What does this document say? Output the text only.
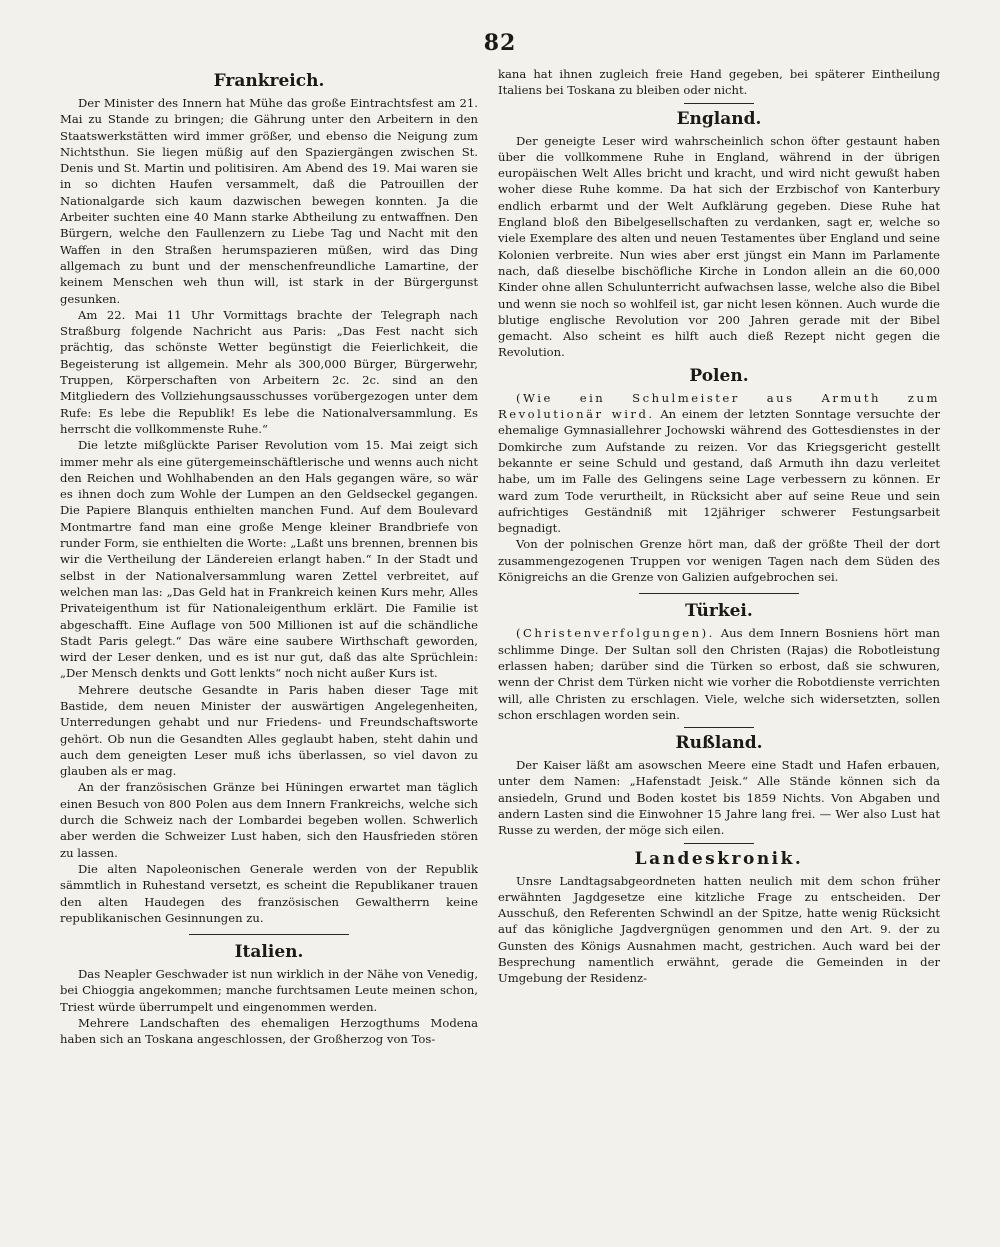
82
Frankreich.

Der Minister des Innern hat Mühe das große Eintrachtsfest am 21. Mai zu Stande zu bringen; die Gährung unter den Arbeitern in den Staatswerkstätten wird immer größer, und ebenso die Neigung zum Nichtsthun. Sie liegen müßig auf den Spaziergängen zwischen St. Denis und St. Martin und politisiren. Am Abend des 19. Mai waren sie in so dichten Haufen versammelt, daß die Patrouillen der Nationalgarde sich kaum dazwischen bewegen konnten. Ja die Arbeiter suchten eine 40 Mann starke Abtheilung zu entwaffnen. Den Bürgern, welche den Faullenzern zu Liebe Tag und Nacht mit den Waffen in den Straßen herumspazieren müßen, wird das Ding allgemach zu bunt und der menschenfreundliche Lamartine, der keinem Menschen weh thun will, ist stark in der Bürgergunst gesunken.

Am 22. Mai 11 Uhr Vormittags brachte der Telegraph nach Straßburg folgende Nachricht aus Paris: „Das Fest nacht sich prächtig, das schönste Wetter begünstigt die Feierlichkeit, die Begeisterung ist allgemein. Mehr als 300,000 Bürger, Bürgerwehr, Truppen, Körperschaften von Arbeitern 2c. 2c. sind an den Mitgliedern des Vollziehungsausschusses vorübergezogen unter dem Rufe: Es lebe die Republik! Es lebe die Nationalversammlung. Es herrscht die vollkommenste Ruhe.“

Die letzte mißglückte Pariser Revolution vom 15. Mai zeigt sich immer mehr als eine gütergemeinschäftlerische und wenns auch nicht den Reichen und Wohlhabenden an den Hals gegangen wäre, so wär es ihnen doch zum Wohle der Lumpen an den Geldseckel gegangen. Die Papiere Blanquis enthielten manchen Fund. Auf dem Boulevard Montmartre fand man eine große Menge kleiner Brandbriefe von runder Form, sie enthielten die Worte: „Laßt uns brennen, brennen bis wir die Vertheilung der Ländereien erlangt haben.“ In der Stadt und selbst in der Nationalversammlung waren Zettel verbreitet, auf welchen man las: „Das Geld hat in Frankreich keinen Kurs mehr, Alles Privateigenthum ist für Nationaleigenthum erklärt. Die Familie ist abgeschafft. Eine Auflage von 500 Millionen ist auf die schändliche Stadt Paris gelegt.“ Das wäre eine saubere Wirthschaft geworden, wird der Leser denken, und es ist nur gut, daß das alte Sprüchlein: „Der Mensch denkts und Gott lenkts“ noch nicht außer Kurs ist.

Mehrere deutsche Gesandte in Paris haben dieser Tage mit Bastide, dem neuen Minister der auswärtigen Angelegenheiten, Unterredungen gehabt und nur Friedens- und Freundschaftsworte gehört. Ob nun die Gesandten Alles geglaubt haben, steht dahin und auch dem geneigten Leser muß ichs überlassen, so viel davon zu glauben als er mag.

An der französischen Gränze bei Hüningen erwartet man täglich einen Besuch von 800 Polen aus dem Innern Frankreichs, welche sich durch die Schweiz nach der Lombardei begeben wollen. Schwerlich aber werden die Schweizer Lust haben, sich den Hausfrieden stören zu lassen.

Die alten Napoleonischen Generale werden von der Republik sämmtlich in Ruhestand versetzt, es scheint die Republikaner trauen den alten Haudegen des französischen Gewaltherrn keine republikanischen Gesinnungen zu.

Italien.

Das Neapler Geschwader ist nun wirklich in der Nähe von Venedig, bei Chioggia angekommen; manche furchtsamen Leute meinen schon, Triest würde überrumpelt und eingenommen werden.

Mehrere Landschaften des ehemaligen Herzogthums Modena haben sich an Toskana angeschlossen, der Großherzog von Tos-

kana hat ihnen zugleich freie Hand gegeben, bei späterer Eintheilung Italiens bei Toskana zu bleiben oder nicht.

England.

Der geneigte Leser wird wahrscheinlich schon öfter gestaunt haben über die vollkommene Ruhe in England, während in der übrigen europäischen Welt Alles bricht und kracht, und wird nicht gewußt haben woher diese Ruhe komme. Da hat sich der Erzbischof von Kanterbury endlich erbarmt und der Welt Aufklärung gegeben. Diese Ruhe hat England bloß den Bibelgesellschaften zu verdanken, sagt er, welche so viele Exemplare des alten und neuen Testamentes über England und seine Kolonien verbreite. Nun wies aber erst jüngst ein Mann im Parlamente nach, daß dieselbe bischöfliche Kirche in London allein an die 60,000 Kinder ohne allen Schulunterricht aufwachsen lasse, welche also die Bibel und wenn sie noch so wohlfeil ist, gar nicht lesen können. Auch wurde die blutige englische Revolution vor 200 Jahren gerade mit der Bibel gemacht. Also scheint es hilft auch dieß Rezept nicht gegen die Revolution.

Polen.

(Wie ein Schulmeister aus Armuth zum Revolutionär wird. An einem der letzten Sonntage versuchte der ehemalige Gymnasiallehrer Jochowski während des Gottesdienstes in der Domkirche zum Aufstande zu reizen. Vor das Kriegsgericht gestellt bekannte er seine Schuld und gestand, daß Armuth ihn dazu verleitet habe, um im Falle des Gelingens seine Lage verbessern zu können. Er ward zum Tode verurtheilt, in Rücksicht aber auf seine Reue und sein aufrichtiges Geständniß mit 12jähriger schwerer Festungsarbeit begnadigt.

Von der polnischen Grenze hört man, daß der größte Theil der dort zusammengezogenen Truppen vor wenigen Tagen nach dem Süden des Königreichs an die Grenze von Galizien aufgebrochen sei.

Türkei.

(Christenverfolgungen). Aus dem Innern Bosniens hört man schlimme Dinge. Der Sultan soll den Christen (Rajas) die Robotleistung erlassen haben; darüber sind die Türken so erbost, daß sie schwuren, wenn der Christ dem Türken nicht wie vorher die Robotdienste verrichten will, alle Christen zu erschlagen. Viele, welche sich widersetzten, sollen schon erschlagen worden sein.

Rußland.

Der Kaiser läßt am asowschen Meere eine Stadt und Hafen erbauen, unter dem Namen: „Hafenstadt Jeisk.“ Alle Stände können sich da ansiedeln, Grund und Boden kostet bis 1859 Nichts. Von Abgaben und andern Lasten sind die Einwohner 15 Jahre lang frei. — Wer also Lust hat Russe zu werden, der möge sich eilen.

Landeskronik.

Unsre Landtagsabgeordneten hatten neulich mit dem schon früher erwähnten Jagdgesetze eine kitzliche Frage zu entscheiden. Der Ausschuß, den Referenten Schwindl an der Spitze, hatte wenig Rücksicht auf das königliche Jagdvergnügen genommen und den Art. 9. der zu Gunsten des Königs Ausnahmen macht, gestrichen. Auch ward bei der Besprechung namentlich erwähnt, gerade die Gemeinden in der Umgebung der Residenz-
